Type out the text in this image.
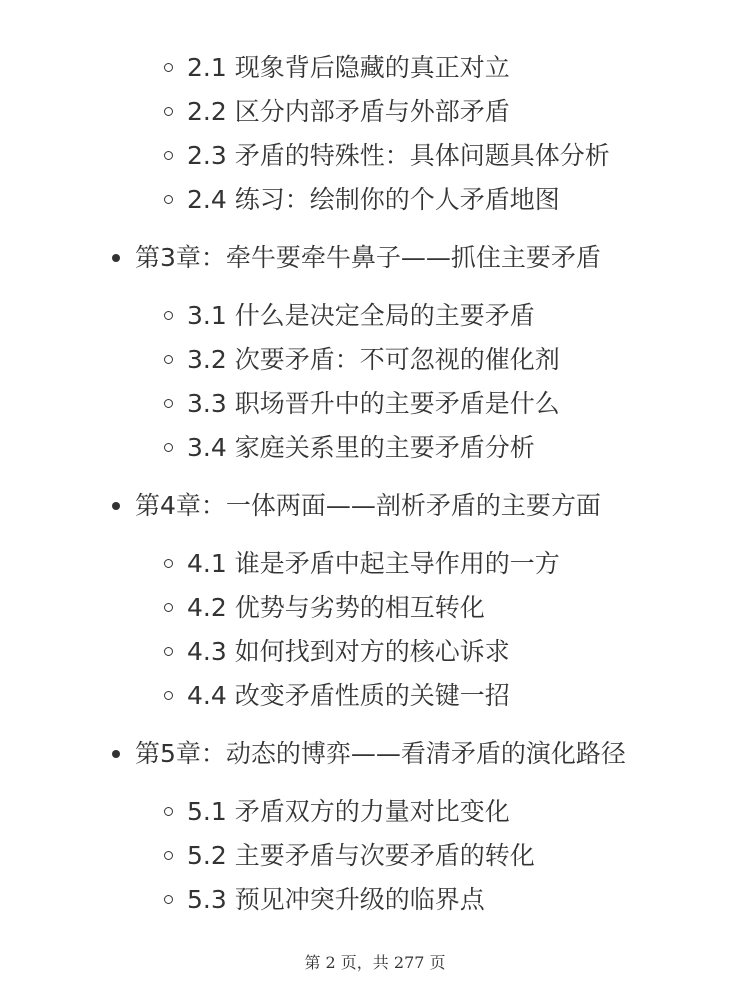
2.1 现象背后隐藏的真正对立
2.2 区分内部矛盾与外部矛盾
2.3 矛盾的特殊性：具体问题具体分析
2.4 练习：绘制你的个人矛盾地图
第3章：牵牛要牵牛鼻子——抓住主要矛盾
3.1 什么是决定全局的主要矛盾
3.2 次要矛盾：不可忽视的催化剂
3.3 职场晋升中的主要矛盾是什么
3.4 家庭关系里的主要矛盾分析
第4章：一体两面——剖析矛盾的主要方面
4.1 谁是矛盾中起主导作用的一方
4.2 优势与劣势的相互转化
4.3 如何找到对方的核心诉求
4.4 改变矛盾性质的关键一招
第5章：动态的博弈——看清矛盾的演化路径
5.1 矛盾双方的力量对比变化
5.2 主要矛盾与次要矛盾的转化
5.3 预见冲突升级的临界点
第 2 页，共 277 页
